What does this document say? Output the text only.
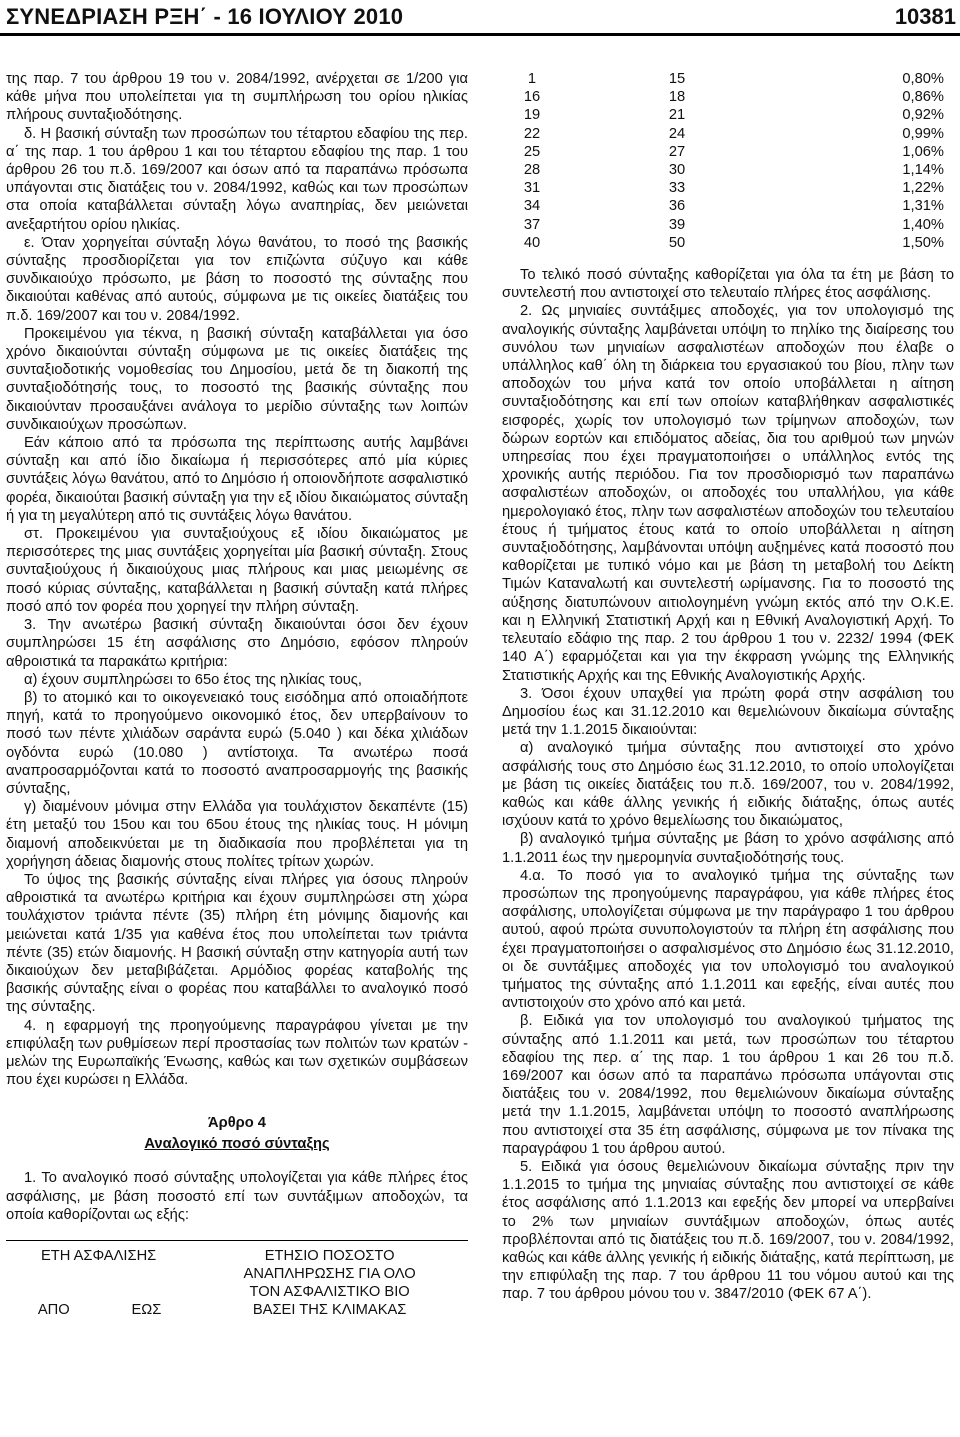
ΣΥΝΕΔΡΙΑΣΗ ΡΞΗ΄ - 16 ΙΟΥΛΙΟΥ 2010	10381

της παρ. 7 του άρθρου 19 του ν. 2084/1992, ανέρχεται σε 1/200 για κάθε μήνα που υπολείπεται για τη συμπλήρωση του ορίου ηλικίας πλήρους συνταξιοδότησης.

δ. Η βασική σύνταξη των προσώπων του τέταρτου εδαφίου της περ. α΄ της παρ. 1 του άρθρου 1 και του τέταρτου εδαφίου της παρ. 1 του άρθρου 26 του π.δ. 169/2007 και όσων από τα παραπάνω πρόσωπα υπάγονται στις διατάξεις του ν. 2084/1992, καθώς και των προσώπων στα οποία καταβάλλεται σύνταξη λόγω αναπηρίας, δεν μειώνεται ανεξαρτήτου ορίου ηλικίας.

ε. Όταν χορηγείται σύνταξη λόγω θανάτου, το ποσό της βασικής σύνταξης προσδιορίζεται για τον επιζώντα σύζυγο και κάθε συνδικαιούχο πρόσωπο, με βάση το ποσοστό της σύνταξης που δικαιούται καθένας από αυτούς, σύμφωνα με τις οικείες διατάξεις του π.δ. 169/2007 και του ν. 2084/1992.

Προκειμένου για τέκνα, η βασική σύνταξη καταβάλλεται για όσο χρόνο δικαιούνται σύνταξη σύμφωνα με τις οικείες διατάξεις της συνταξιοδοτικής νομοθεσίας του Δημοσίου, μετά δε τη διακοπή της συνταξιοδότησής τους, το ποσοστό της βασικής σύνταξης που δικαιούνταν προσαυξάνει ανάλογα το μερίδιο σύνταξης των λοιπών συνδικαιούχων προσώπων.

Εάν κάποιο από τα πρόσωπα της περίπτωσης αυτής λαμβάνει σύνταξη και από ίδιο δικαίωμα ή περισσότερες από μία κύριες συντάξεις λόγω θανάτου, από το Δημόσιο ή οποιονδήποτε ασφαλιστικό φορέα, δικαιούται βασική σύνταξη για την εξ ιδίου δικαιώματος σύνταξη ή για τη μεγαλύτερη από τις συντάξεις λόγω θανάτου.

στ. Προκειμένου για συνταξιούχους εξ ιδίου δικαιώματος με περισσότερες της μιας συντάξεις χορηγείται μία βασική σύνταξη. Στους συνταξιούχους ή δικαιούχους μιας πλήρους και μιας μειωμένης σε ποσό κύριας σύνταξης, καταβάλλεται η βασική σύνταξη κατά πλήρες ποσό από τον φορέα που χορηγεί την πλήρη σύνταξη.

3. Την ανωτέρω βασική σύνταξη δικαιούνται όσοι δεν έχουν συμπληρώσει 15 έτη ασφάλισης στο Δημόσιο, εφόσον πληρούν αθροιστικά τα παρακάτω κριτήρια:

α) έχουν συμπληρώσει το 65ο έτος της ηλικίας τους,

β) το ατομικό και το οικογενειακό τους εισόδημα από οποιαδήποτε πηγή, κατά το προηγούμενο οικονομικό έτος, δεν υπερβαίνουν το ποσό των πέντε χιλιάδων σαράντα ευρώ (5.040 ) και δέκα χιλιάδων ογδόντα ευρώ (10.080 ) αντίστοιχα. Τα ανωτέρω ποσά αναπροσαρμόζονται κατά το ποσοστό αναπροσαρμογής της βασικής σύνταξης,

γ) διαμένουν μόνιμα στην Ελλάδα για τουλάχιστον δεκαπέντε (15) έτη μεταξύ του 15ου και του 65ου έτους της ηλικίας τους. Η μόνιμη διαμονή αποδεικνύεται με τη διαδικασία που προβλέπεται για τη χορήγηση άδειας διαμονής στους πολίτες τρίτων χωρών.

Το ύψος της βασικής σύνταξης είναι πλήρες για όσους πληρούν αθροιστικά τα ανωτέρω κριτήρια και έχουν συμπληρώσει στη χώρα τουλάχιστον τριάντα πέντε (35) πλήρη έτη μόνιμης διαμονής και μειώνεται κατά 1/35 για καθένα έτος που υπολείπεται των τριάντα πέντε (35) ετών διαμονής. Η βασική σύνταξη στην κατηγορία αυτή των δικαιούχων δεν μεταβιβάζεται. Αρμόδιος φορέας καταβολής της βασικής σύνταξης είναι ο φορέας που καταβάλλει το αναλογικό ποσό της σύνταξης.

4. η εφαρμογή της προηγούμενης παραγράφου γίνεται με την επιφύλαξη των ρυθμίσεων περί προστασίας των πολιτών των κρατών - μελών της Ευρωπαϊκής Ένωσης, καθώς και των σχετικών συμβάσεων που έχει κυρώσει η Ελλάδα.

Άρθρο 4

Αναλογικό ποσό σύνταξης

1. Το αναλογικό ποσό σύνταξης υπολογίζεται για κάθε πλήρες έτος ασφάλισης, με βάση ποσοστό επί των συντάξιμων αποδοχών, τα οποία καθορίζονται ως εξής:

ΕΤΗ ΑΣΦΑΛΙΣΗΣ		ΕΤΗΣΙΟ ΠΟΣΟΣΤΟ
		ΑΝΑΠΛΗΡΩΣΗΣ ΓΙΑ ΟΛΟ
		ΤΟΝ ΑΣΦΑΛΙΣΤΙΚΟ ΒΙΟ
ΑΠΟ	ΕΩΣ	ΒΑΣΕΙ ΤΗΣ ΚΛΙΜΑΚΑΣ
1	15	0,80%
16	18	0,86%
19	21	0,92%
22	24	0,99%
25	27	1,06%
28	30	1,14%
31	33	1,22%
34	36	1,31%
37	39	1,40%
40	50	1,50%

Το τελικό ποσό σύνταξης καθορίζεται για όλα τα έτη με βάση το συντελεστή που αντιστοιχεί στο τελευταίο πλήρες έτος ασφάλισης.

2. Ως μηνιαίες συντάξιμες αποδοχές, για τον υπολογισμό της αναλογικής σύνταξης λαμβάνεται υπόψη το πηλίκο της διαίρεσης του συνόλου των μηνιαίων ασφαλιστέων αποδοχών που έλαβε ο υπάλληλος καθ΄ όλη τη διάρκεια του εργασιακού του βίου, πλην των αποδοχών του μήνα κατά τον οποίο υποβάλλεται η αίτηση συνταξιοδότησης και επί των οποίων καταβλήθηκαν ασφαλιστικές εισφορές, χωρίς τον υπολογισμό των τρίμηνων αποδοχών, των δώρων εορτών και επιδόματος αδείας, δια του αριθμού των μηνών υπηρεσίας που έχει πραγματοποιήσει ο υπάλληλος εντός της χρονικής αυτής περιόδου. Για τον προσδιορισμό των παραπάνω ασφαλιστέων αποδοχών, οι αποδοχές του υπαλλήλου, για κάθε ημερολογιακό έτος, πλην των ασφαλιστέων αποδοχών του τελευταίου έτους ή τμήματος έτους κατά το οποίο υποβάλλεται η αίτηση συνταξιοδότησης, λαμβάνονται υπόψη αυξημένες κατά ποσοστό που καθορίζεται με τυπικό νόμο και με βάση τη μεταβολή του Δείκτη Τιμών Καταναλωτή και συντελεστή ωρίμανσης. Για το ποσοστό της αύξησης διατυπώνουν αιτιολογημένη γνώμη εκτός από την Ο.Κ.Ε. και η Ελληνική Στατιστική Αρχή και η Εθνική Αναλογιστική Αρχή. Το τελευταίο εδάφιο της παρ. 2 του άρθρου 1 του ν. 2232/ 1994 (ΦΕΚ 140 Α΄) εφαρμόζεται και για την έκφραση γνώμης της Ελληνικής Στατιστικής Αρχής και της Εθνικής Αναλογιστικής Αρχής.

3. Όσοι έχουν υπαχθεί για πρώτη φορά στην ασφάλιση του Δημοσίου έως και 31.12.2010 και θεμελιώνουν δικαίωμα σύνταξης μετά την 1.1.2015 δικαιούνται:

α) αναλογικό τμήμα σύνταξης που αντιστοιχεί στο χρόνο ασφάλισής τους στο Δημόσιο έως 31.12.2010, το οποίο υπολογίζεται με βάση τις οικείες διατάξεις του π.δ. 169/2007, του ν. 2084/1992, καθώς και κάθε άλλης γενικής ή ειδικής διάταξης, όπως αυτές ισχύουν κατά το χρόνο θεμελίωσης του δικαιώματος,

β) αναλογικό τμήμα σύνταξης με βάση το χρόνο ασφάλισης από 1.1.2011 έως την ημερομηνία συνταξιοδότησής τους.

4.α. Το ποσό για το αναλογικό τμήμα της σύνταξης των προσώπων της προηγούμενης παραγράφου, για κάθε πλήρες έτος ασφάλισης, υπολογίζεται σύμφωνα με την παράγραφο 1 του άρθρου αυτού, αφού πρώτα συνυπολογιστούν τα πλήρη έτη ασφάλισης που έχει πραγματοποιήσει ο ασφαλισμένος στο Δημόσιο έως 31.12.2010, οι δε συντάξιμες αποδοχές για τον υπολογισμό του αναλογικού τμήματος της σύνταξης από 1.1.2011 και εφεξής, είναι αυτές που αντιστοιχούν στο χρόνο από και μετά.

β. Ειδικά για τον υπολογισμό του αναλογικού τμήματος της σύνταξης από 1.1.2011 και μετά, των προσώπων του τέταρτου εδαφίου της περ. α΄ της παρ. 1 του άρθρου 1 και 26 του π.δ. 169/2007 και όσων από τα παραπάνω πρόσωπα υπάγονται στις διατάξεις του ν. 2084/1992, που θεμελιώνουν δικαίωμα σύνταξης μετά την 1.1.2015, λαμβάνεται υπόψη το ποσοστό αναπλήρωσης που αντιστοιχεί στα 35 έτη ασφάλισης, σύμφωνα με τον πίνακα της παραγράφου 1 του άρθρου αυτού.

5. Ειδικά για όσους θεμελιώνουν δικαίωμα σύνταξης πριν την 1.1.2015 το τμήμα της μηνιαίας σύνταξης που αντιστοιχεί σε κάθε έτος ασφάλισης από 1.1.2013 και εφεξής δεν μπορεί να υπερβαίνει το 2% των μηνιαίων συντάξιμων αποδοχών, όπως αυτές προβλέπονται από τις διατάξεις του π.δ. 169/2007, του ν. 2084/1992, καθώς και κάθε άλλης γενικής ή ειδικής διάταξης, κατά περίπτωση, με την επιφύλαξη της παρ. 7 του άρθρου 11 του νόμου αυτού και της παρ. 7 του άρθρου μόνου του ν. 3847/2010 (ΦΕΚ 67 Α΄).
